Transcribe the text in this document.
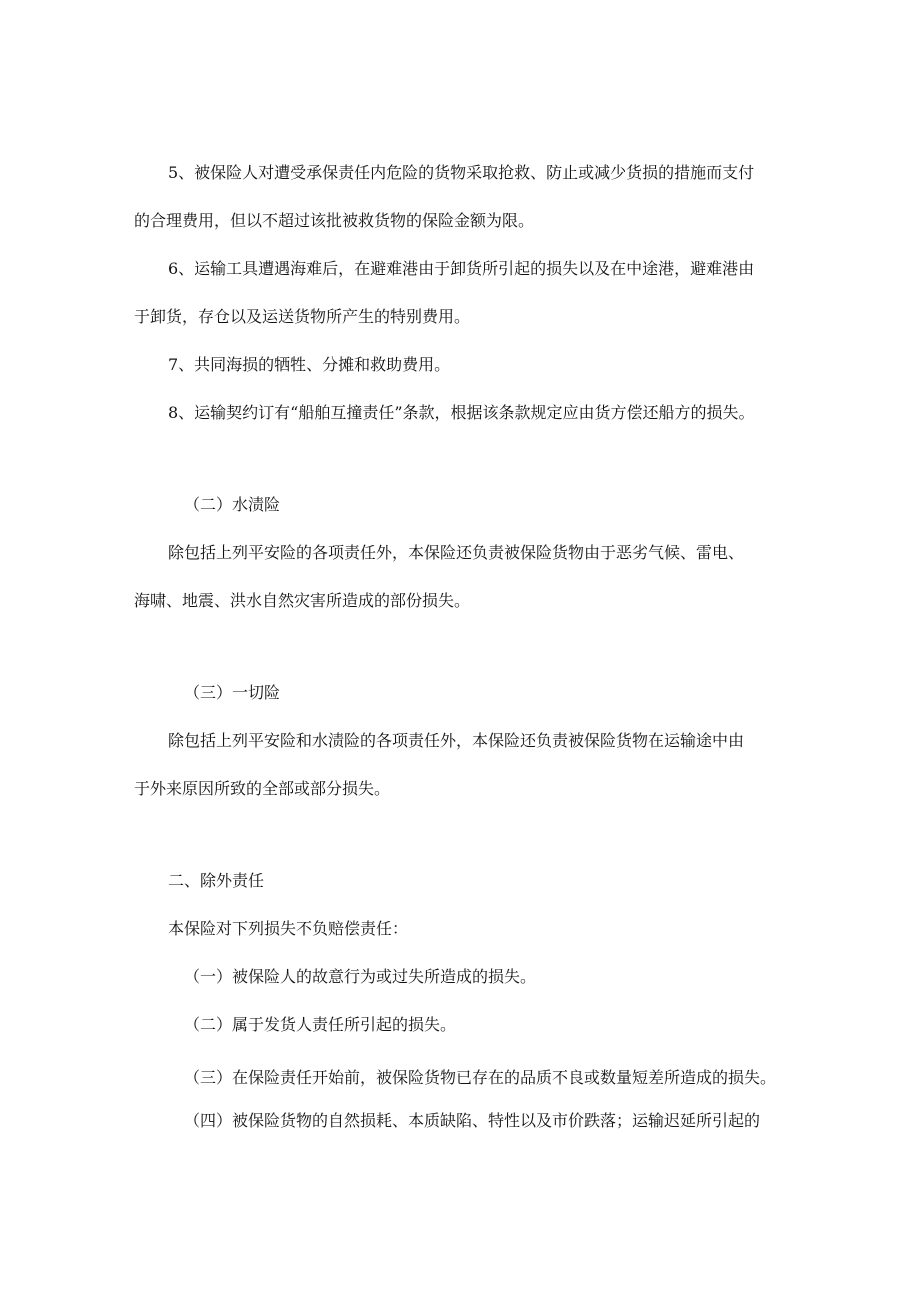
5、被保险人对遭受承保责任内危险的货物采取抢救、防止或减少货损的措施而支付

的合理费用，但以不超过该批被救货物的保险金额为限。

6、运输工具遭遇海难后，在避难港由于卸货所引起的损失以及在中途港，避难港由

于卸货，存仓以及运送货物所产生的特别费用。

7、共同海损的牺牲、分摊和救助费用。

8、运输契约订有“船舶互撞责任”条款，根据该条款规定应由货方偿还船方的损失。

（二）水渍险

除包括上列平安险的各项责任外，本保险还负责被保险货物由于恶劣气候、雷电、

海啸、地震、洪水自然灾害所造成的部份损失。

（三）一切险

除包括上列平安险和水渍险的各项责任外，本保险还负责被保险货物在运输途中由

于外来原因所致的全部或部分损失。

二、除外责任

本保险对下列损失不负赔偿责任：

（一）被保险人的故意行为或过失所造成的损失。

（二）属于发货人责任所引起的损失。

（三）在保险责任开始前，被保险货物已存在的品质不良或数量短差所造成的损失。

（四）被保险货物的自然损耗、本质缺陷、特性以及市价跌落；运输迟延所引起的
